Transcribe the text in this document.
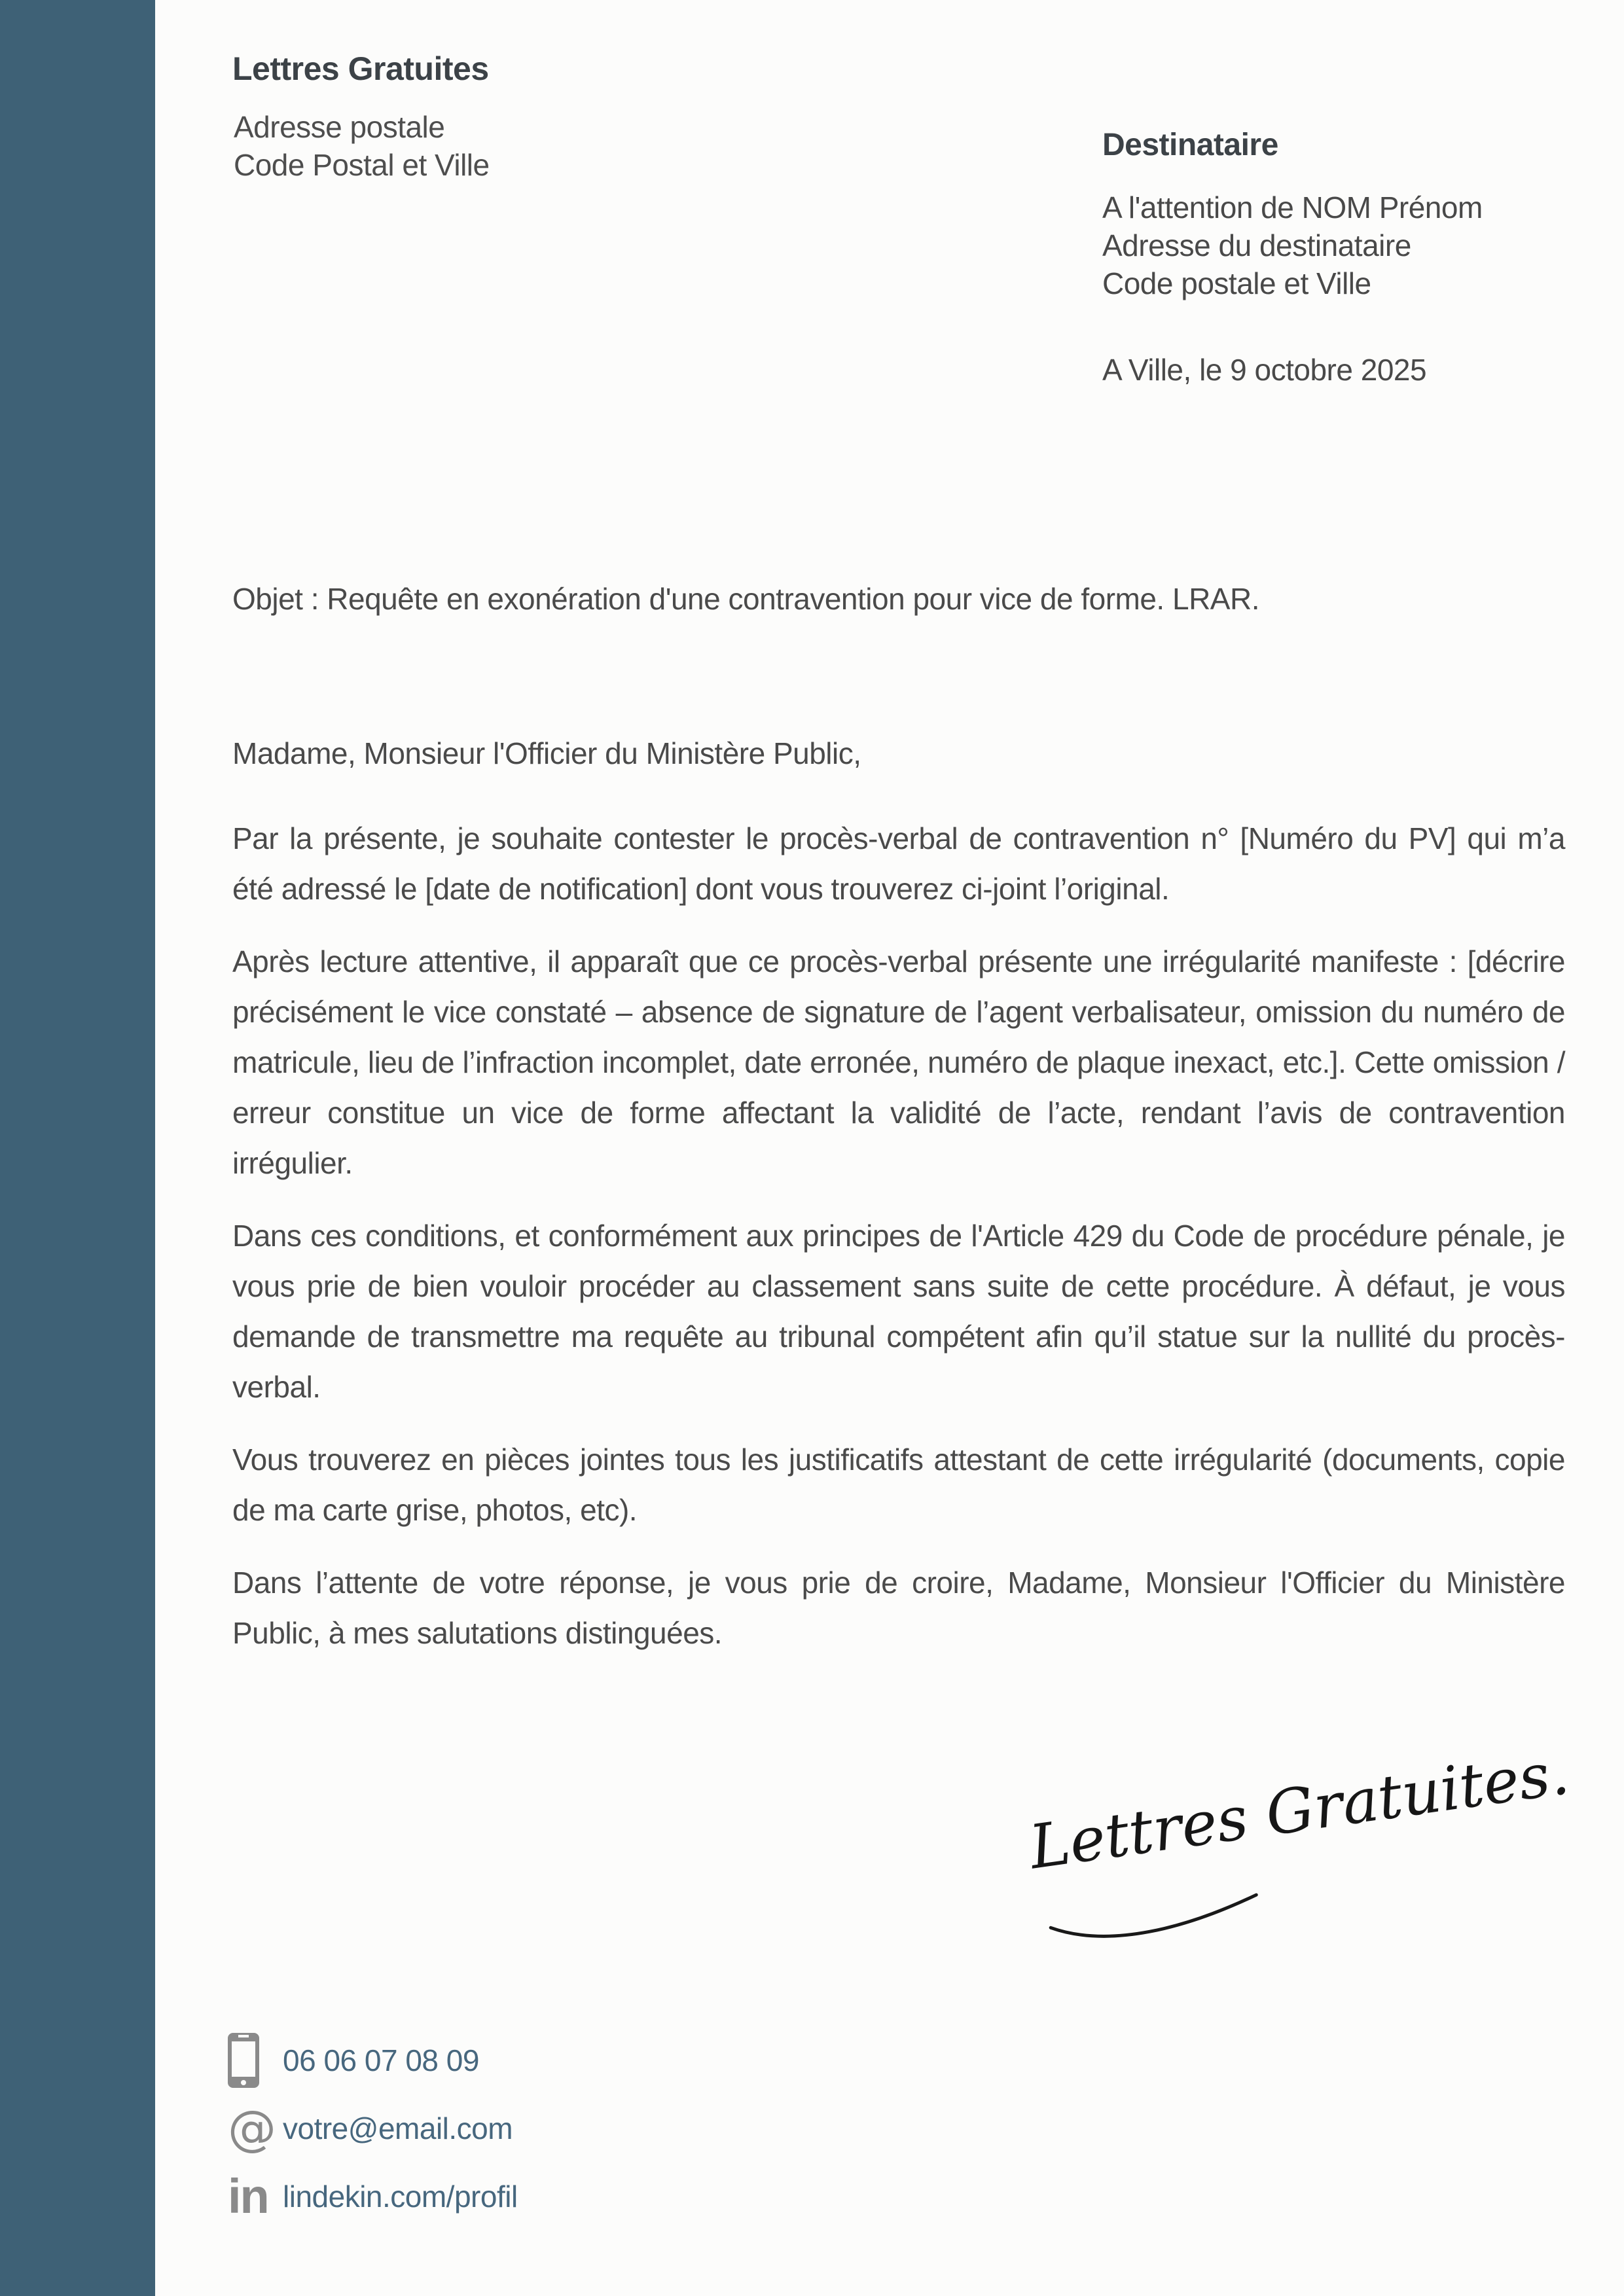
Lettres Gratuites
Adresse postale
Code Postal et Ville
Destinataire
A l'attention de NOM Prénom
Adresse du destinataire
Code postale et Ville
A Ville, le 9 octobre 2025

Objet : Requête en exonération d'une contravention pour vice de forme. LRAR.

Madame, Monsieur l'Officier du Ministère Public,

Par la présente, je souhaite contester le procès-verbal de contravention n° [Numéro du PV] qui m’a été adressé le [date de notification] dont vous trouverez ci-joint l’original.

Après lecture attentive, il apparaît que ce procès-verbal présente une irrégularité manifeste : [décrire précisément le vice constaté – absence de signature de l’agent verbalisateur, omission du numéro de matricule, lieu de l’infraction incomplet, date erronée, numéro de plaque inexact, etc.]. Cette omission / erreur constitue un vice de forme affectant la validité de l’acte, rendant l’avis de contravention irrégulier.

Dans ces conditions, et conformément aux principes de l'Article 429 du Code de procédure pénale, je vous prie de bien vouloir procéder au classement sans suite de cette procédure. À défaut, je vous demande de transmettre ma requête au tribunal compétent afin qu’il statue sur la nullité du procès-verbal.

Vous trouverez en pièces jointes tous les justificatifs attestant de cette irrégularité (documents, copie de ma carte grise, photos, etc).

Dans l’attente de votre réponse, je vous prie de croire, Madame, Monsieur l'Officier du Ministère Public, à mes salutations distinguées.

Lettres Gratuites.
06 06 07 08 09
@ votre@email.com
in lindekin.com/profil
